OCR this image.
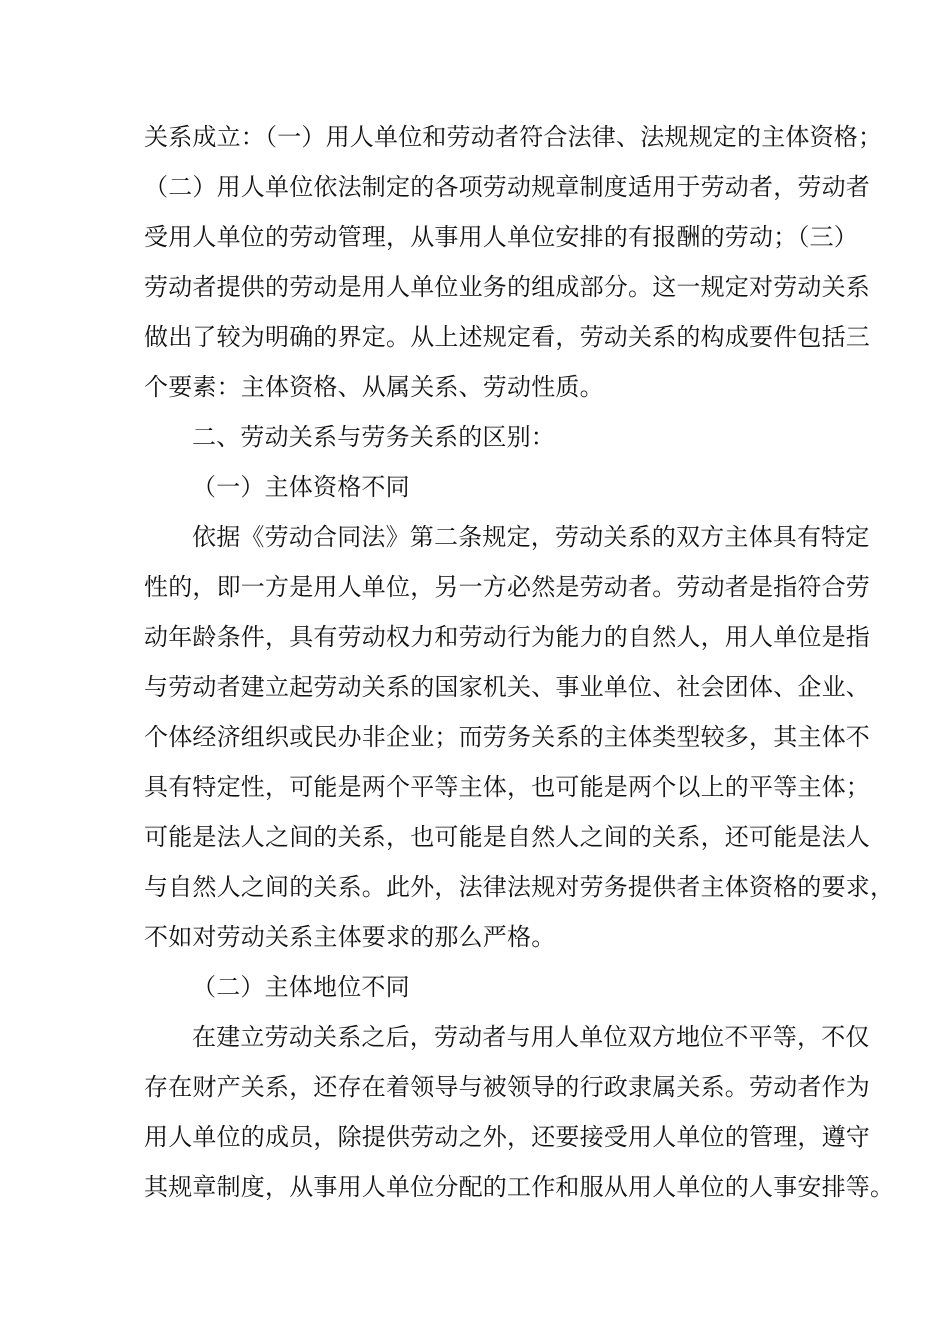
关系成立：（一）用人单位和劳动者符合法律、法规规定的主体资格；
（二）用人单位依法制定的各项劳动规章制度适用于劳动者，劳动者
受用人单位的劳动管理，从事用人单位安排的有报酬的劳动；（三）
劳动者提供的劳动是用人单位业务的组成部分。这一规定对劳动关系
做出了较为明确的界定。从上述规定看，劳动关系的构成要件包括三
个要素：主体资格、从属关系、劳动性质。
二、劳动关系与劳务关系的区别：
（一）主体资格不同
依据《劳动合同法》第二条规定，劳动关系的双方主体具有特定
性的，即一方是用人单位，另一方必然是劳动者。劳动者是指符合劳
动年龄条件，具有劳动权力和劳动行为能力的自然人，用人单位是指
与劳动者建立起劳动关系的国家机关、事业单位、社会团体、企业、
个体经济组织或民办非企业；而劳务关系的主体类型较多，其主体不
具有特定性，可能是两个平等主体，也可能是两个以上的平等主体；
可能是法人之间的关系，也可能是自然人之间的关系，还可能是法人
与自然人之间的关系。此外，法律法规对劳务提供者主体资格的要求，
不如对劳动关系主体要求的那么严格。
（二）主体地位不同
在建立劳动关系之后，劳动者与用人单位双方地位不平等，不仅
存在财产关系，还存在着领导与被领导的行政隶属关系。劳动者作为
用人单位的成员，除提供劳动之外，还要接受用人单位的管理，遵守
其规章制度，从事用人单位分配的工作和服从用人单位的人事安排等。
